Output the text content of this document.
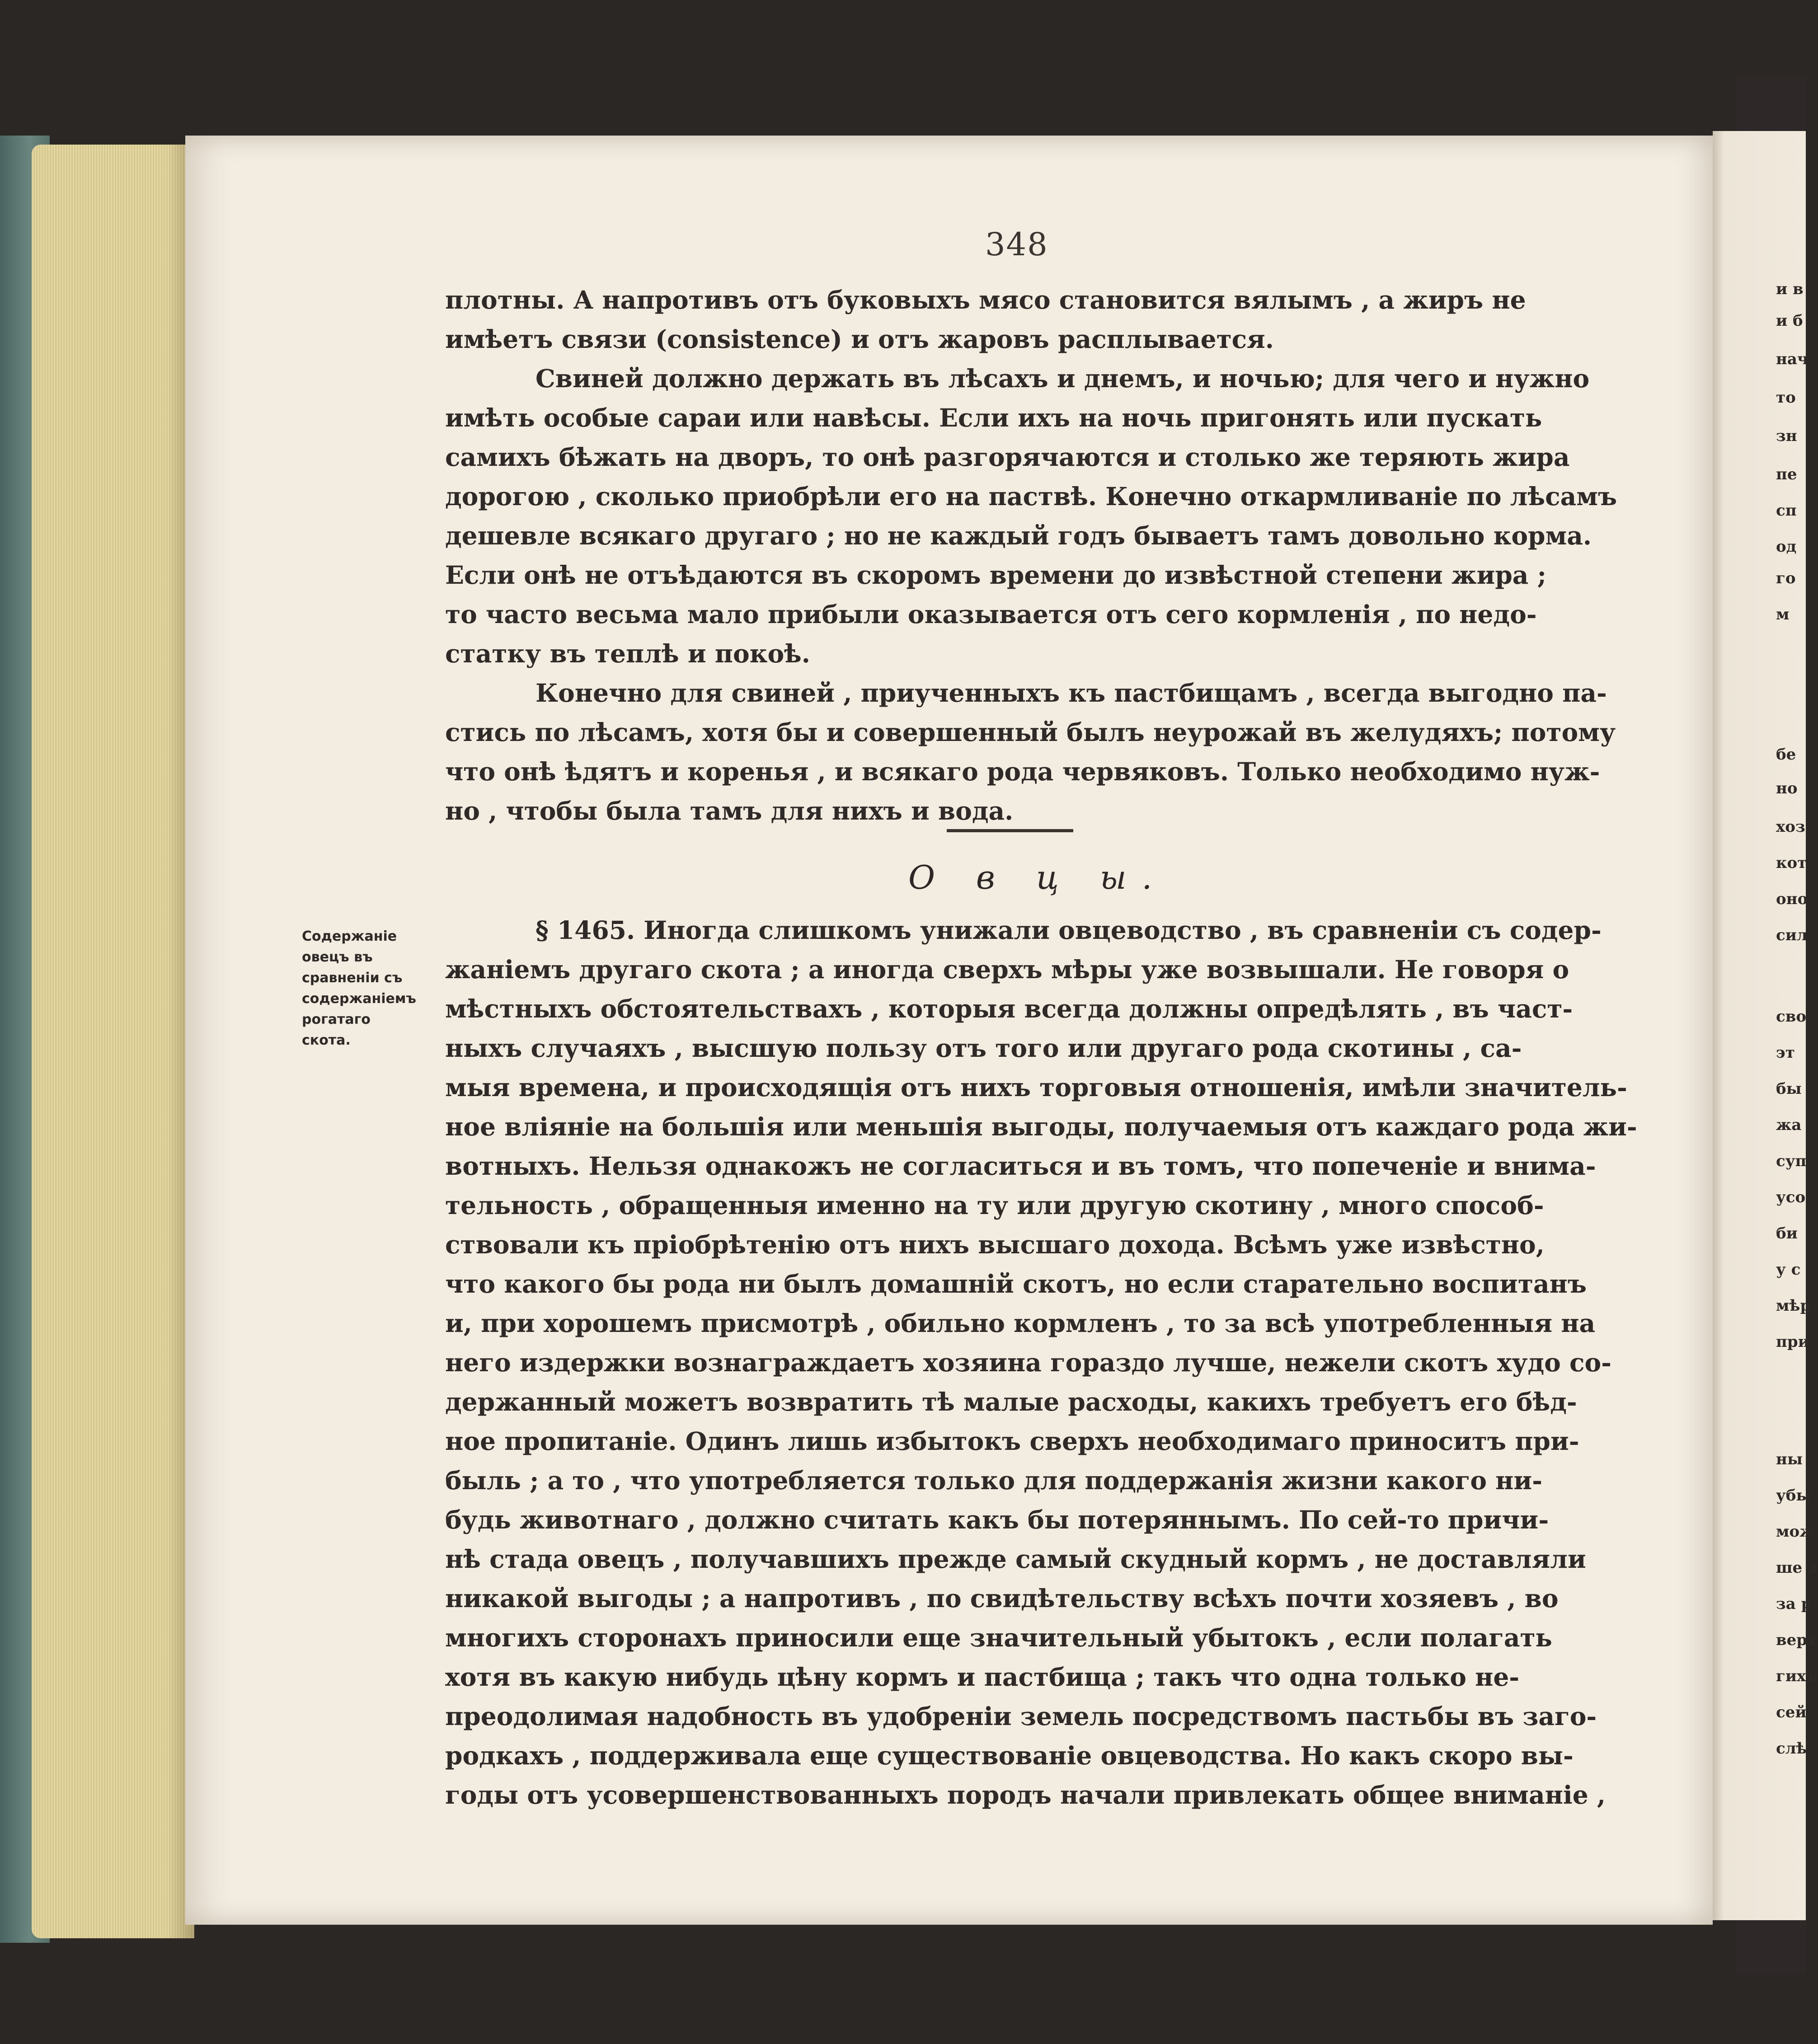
348
плотны. А напротивъ отъ буковыхъ мясо становится вялымъ , а жиръ не
имѣетъ связи (consistence) и отъ жаровъ расплывается.
Свиней должно держать въ лѣсахъ и днемъ, и ночью; для чего и нужно
имѣть особые сараи или навѣсы. Если ихъ на ночь пригонять или пускать
самихъ бѣжать на дворъ, то онѣ разгорячаются и столько же теряють жира
дорогою , сколько приобрѣли его на паствѣ. Конечно откармливаніе по лѣсамъ
дешевле всякаго другаго ; но не каждый годъ бываетъ тамъ довольно корма.
Если онѣ не отъѣдаются въ скоромъ времени до извѣстной степени жира ;
то часто весьма мало прибыли оказывается отъ сего кормленія , по недо-
статку въ теплѣ и покоѣ.
Конечно для свиней , приученныхъ къ пастбищамъ , всегда выгодно па-
стись по лѣсамъ, хотя бы и совершенный былъ неурожай въ желудяхъ; потому
что онѣ ѣдятъ и коренья , и всякаго рода червяковъ. Только необходимо нуж-
но , чтобы была тамъ для нихъ и вода.
О в ц ы.
Содержаніе
овецъ въ
сравненіи съ
содержаніемъ
рогатаго
скота.
§ 1465. Иногда слишкомъ унижали овцеводство , въ сравненіи съ содер-
жаніемъ другаго скота ; а иногда сверхъ мѣры уже возвышали. Не говоря о
мѣстныхъ обстоятельствахъ , которыя всегда должны опредѣлять , въ част-
ныхъ случаяхъ , высшую пользу отъ того или другаго рода скотины , са-
мыя времена, и происходящія отъ нихъ торговыя отношенія, имѣли значитель-
ное вліяніе на большія или меньшія выгоды, получаемыя отъ каждаго рода жи-
вотныхъ. Нельзя однакожъ не согласиться и въ томъ, что попеченіе и внима-
тельность , обращенныя именно на ту или другую скотину , много способ-
ствовали къ пріобрѣтенію отъ нихъ высшаго дохода. Всѣмъ уже извѣстно,
что какого бы рода ни былъ домашній скотъ, но если старательно воспитанъ
и, при хорошемъ присмотрѣ , обильно кормленъ , то за всѣ употребленныя на
него издержки вознаграждаетъ хозяина гораздо лучше, нежели скотъ худо со-
держанный можетъ возвратить тѣ малые расходы, какихъ требуетъ его бѣд-
ное пропитаніе. Одинъ лишь избытокъ сверхъ необходимаго приноситъ при-
быль ; а то , что употребляется только для поддержанія жизни какого ни-
будь животнаго , должно считать какъ бы потеряннымъ. По сей-то причи-
нѣ стада овецъ , получавшихъ прежде самый скудный кормъ , не доставляли
никакой выгоды ; а напротивъ , по свидѣтельству всѣхъ почти хозяевъ , во
многихъ сторонахъ приносили еще значительный убытокъ , если полагать
хотя въ какую нибудь цѣну кормъ и пастбища ; такъ что одна только не-
преодолимая надобность въ удобреніи земель посредствомъ пастьбы въ заго-
родкахъ , поддерживала еще существованіе овцеводства. Но какъ скоро вы-
годы отъ усовершенствованныхъ породъ начали привлекать общее вниманіе ,
и в
и б
нач
то
зн
пе
сп
од
го
м
бе
но
хоз
кот
оно
сил
сво
эт
бы
жа
суп
усо
би
у с
мѣр
при
ны
убы
мож
ше д
за р
верх
гихъ
сей
слѣ
